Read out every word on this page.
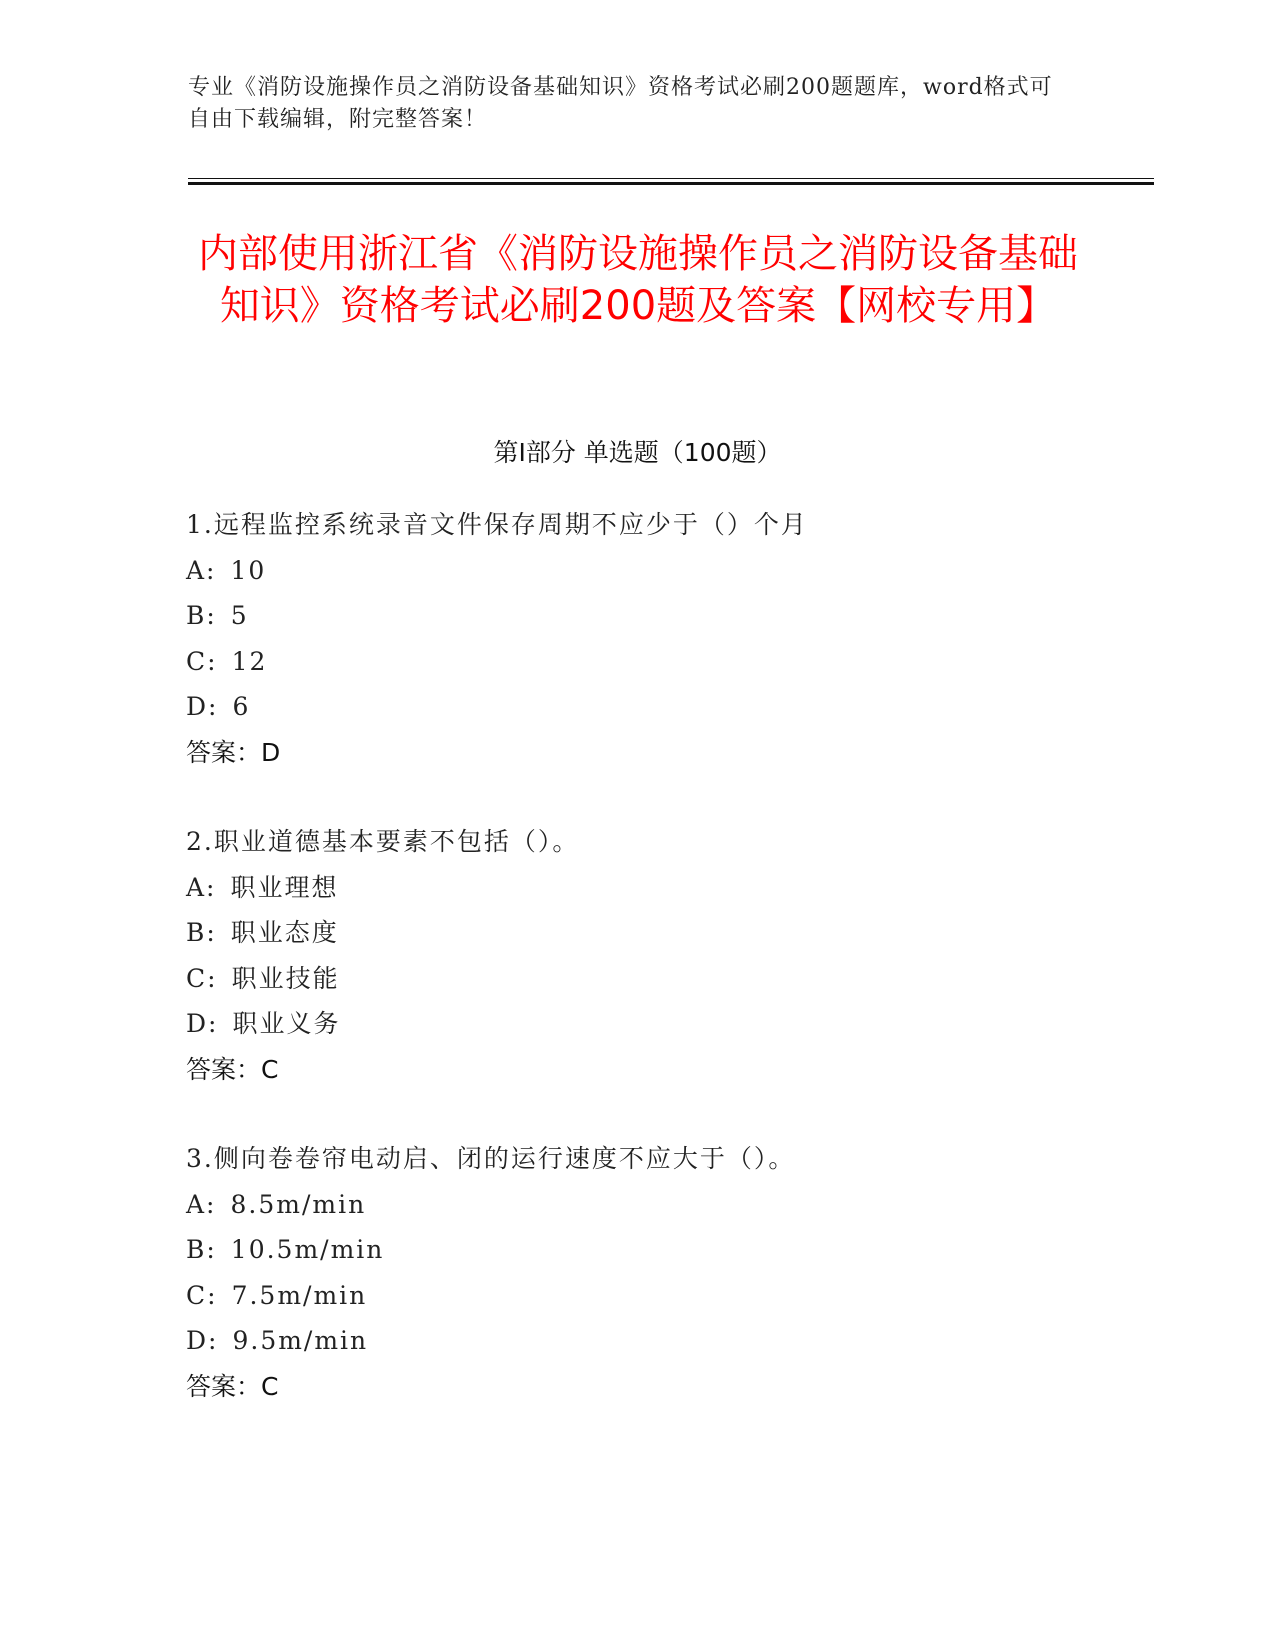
专业《消防设施操作员之消防设备基础知识》资格考试必刷200题题库，word格式可自由下载编辑，附完整答案！
内部使用浙江省《消防设施操作员之消防设备基础知识》资格考试必刷200题及答案【网校专用】
第I部分 单选题（100题）
1.远程监控系统录音文件保存周期不应少于（）个月
A: 10
B: 5
C: 12
D: 6
答案：D
2.职业道德基本要素不包括（）。
A: 职业理想
B: 职业态度
C: 职业技能
D: 职业义务
答案：C
3.侧向卷卷帘电动启、闭的运行速度不应大于（）。
A: 8.5m/min
B: 10.5m/min
C: 7.5m/min
D: 9.5m/min
答案：C
